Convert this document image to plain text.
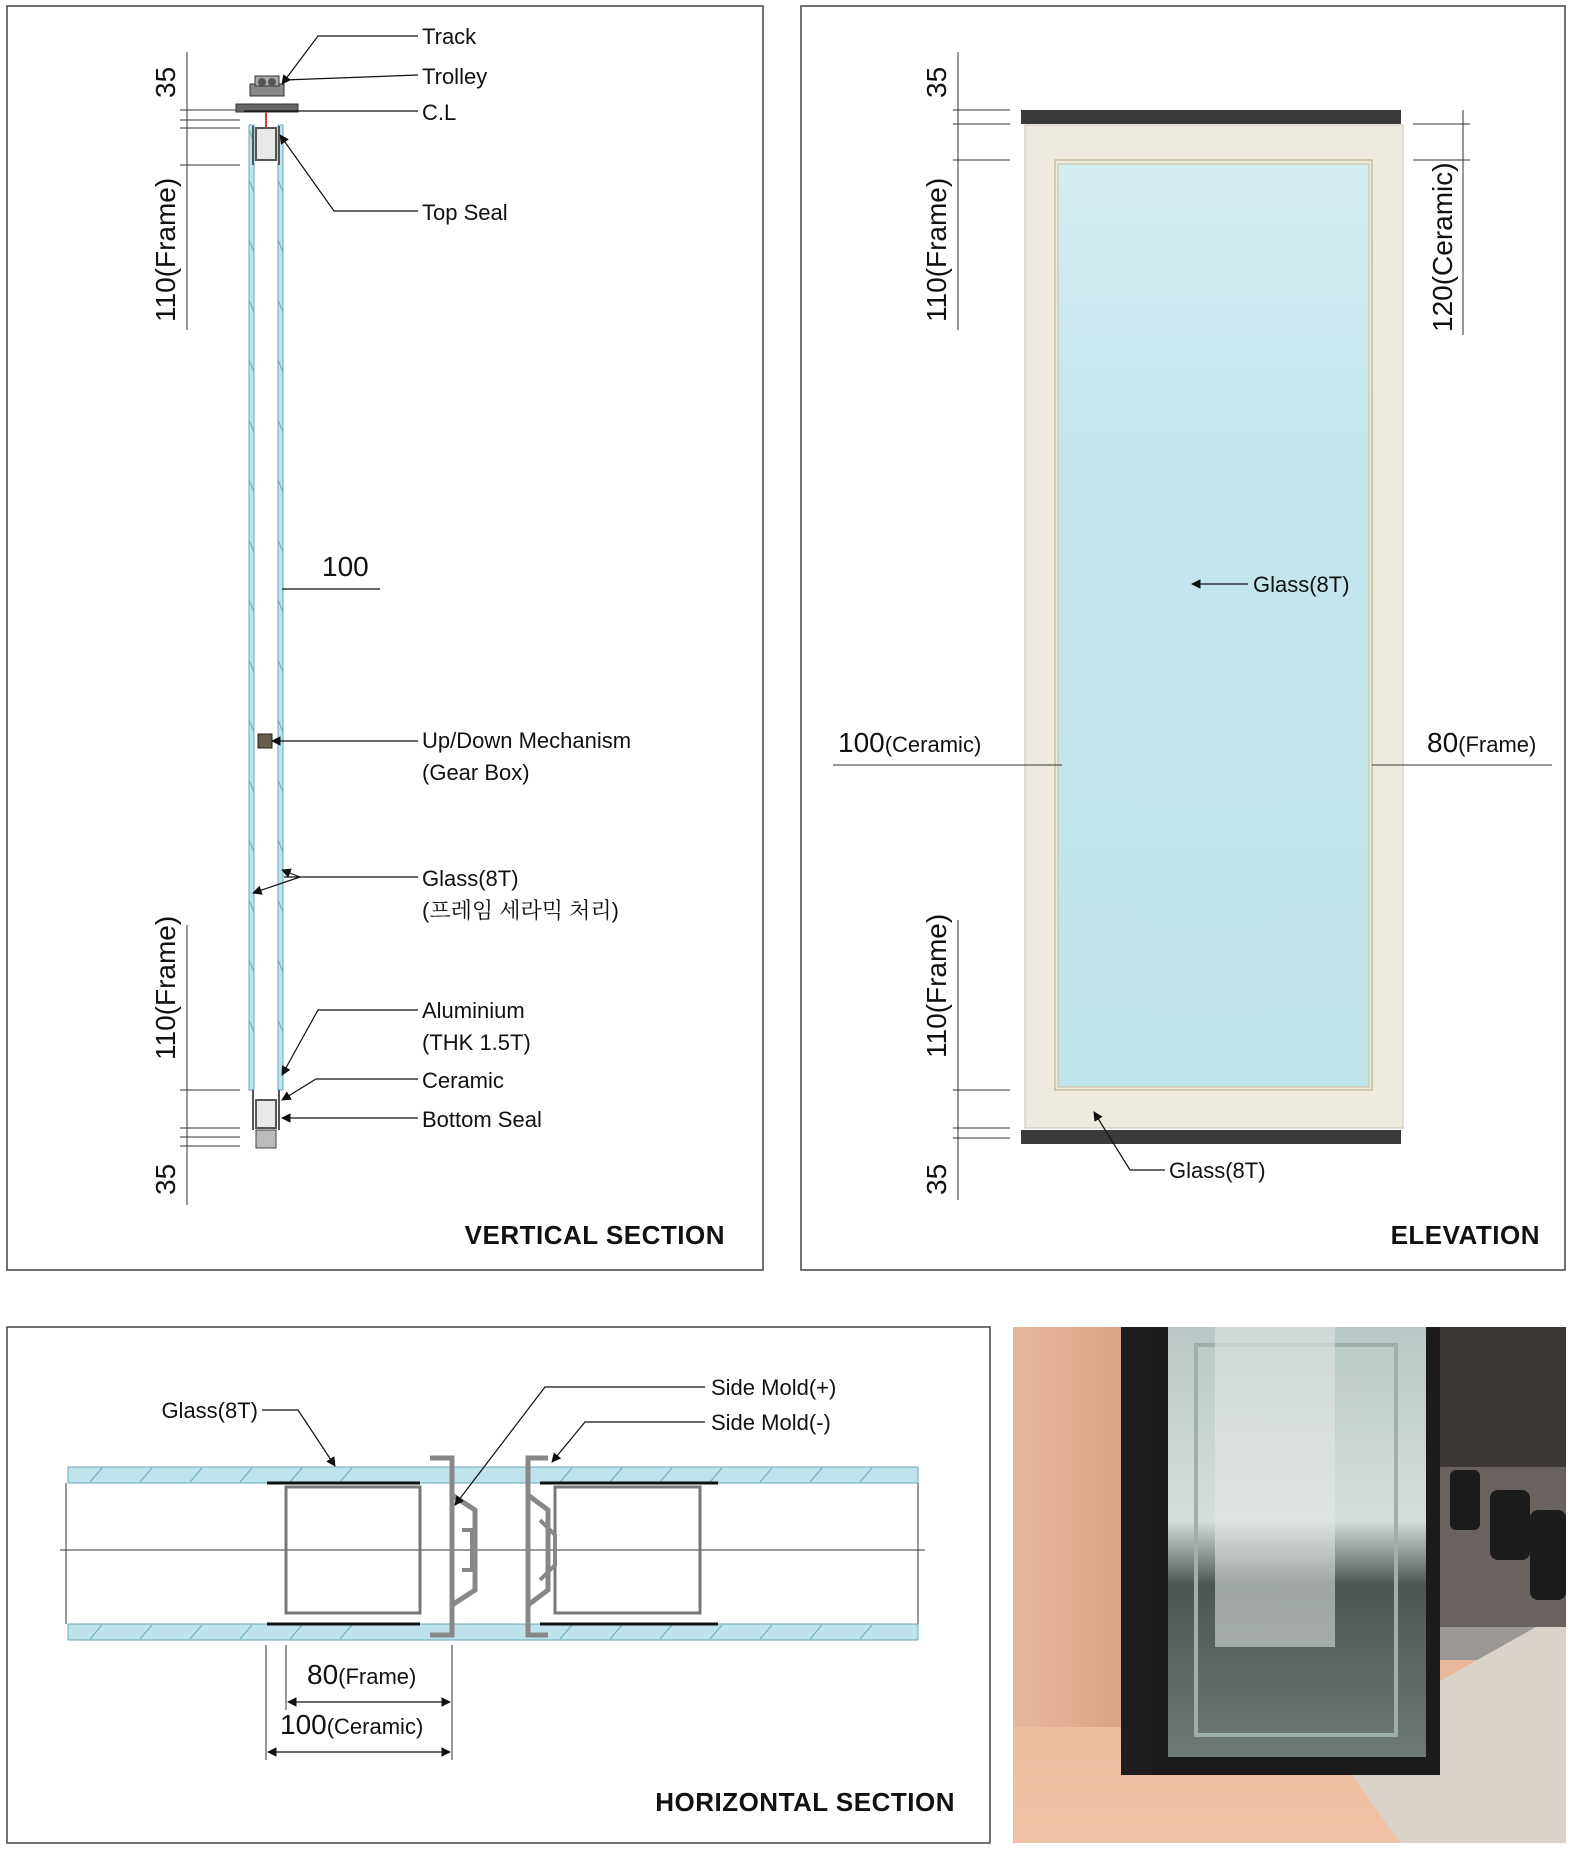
Track
Trolley
C.L
Top Seal
100
Up/Down Mechanism
(Gear Box)
Glass(8T)
(프레임 세라믹 처리)
Aluminium
(THK 1.5T)
Ceramic
Bottom Seal
35
110(Frame)
110(Frame)
35
VERTICAL SECTION
Glass(8T)
Glass(8T)
100(Ceramic)	80(Frame)
35
110(Frame)	120(Ceramic)
110(Frame)
35
ELEVATION
Glass(8T)
Side Mold(+)
Side Mold(-)
80(Frame)
100(Ceramic)
HORIZONTAL SECTION
